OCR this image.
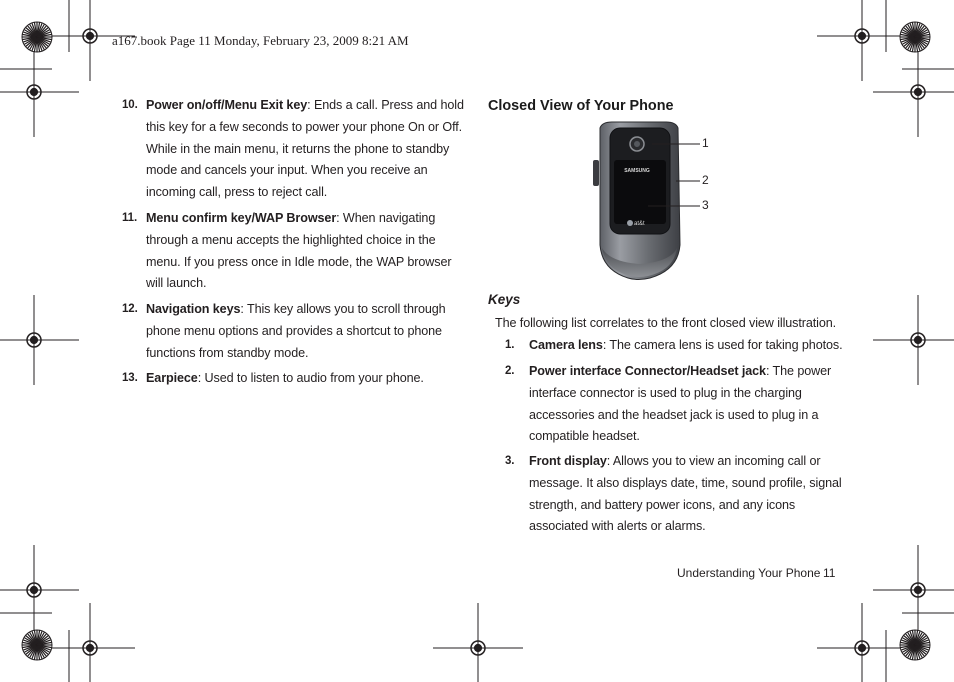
a167.book Page 11 Monday, February 23, 2009 8:21 AM
10. Power on/off/Menu Exit key: Ends a call. Press and hold
this key for a few seconds to power your phone On or Off.
While in the main menu, it returns the phone to standby
mode and cancels your input. When you receive an
incoming call, press to reject call.
11. Menu confirm key/WAP Browser: When navigating
through a menu accepts the highlighted choice in the
menu. If you press once in Idle mode, the WAP browser
will launch.
12. Navigation keys: This key allows you to scroll through
phone menu options and provides a shortcut to phone
functions from standby mode.
13. Earpiece: Used to listen to audio from your phone.
Closed View of Your Phone
SAMSUNG
at&t
1
2
3
Keys
The following list correlates to the front closed view illustration.
1. Camera lens: The camera lens is used for taking photos.
2. Power interface Connector/Headset jack: The power
interface connector is used to plug in the charging
accessories and the headset jack is used to plug in a
compatible headset.
3. Front display: Allows you to view an incoming call or
message. It also displays date, time, sound profile, signal
strength, and battery power icons, and any icons
associated with alerts or alarms.
Understanding Your Phone 11
